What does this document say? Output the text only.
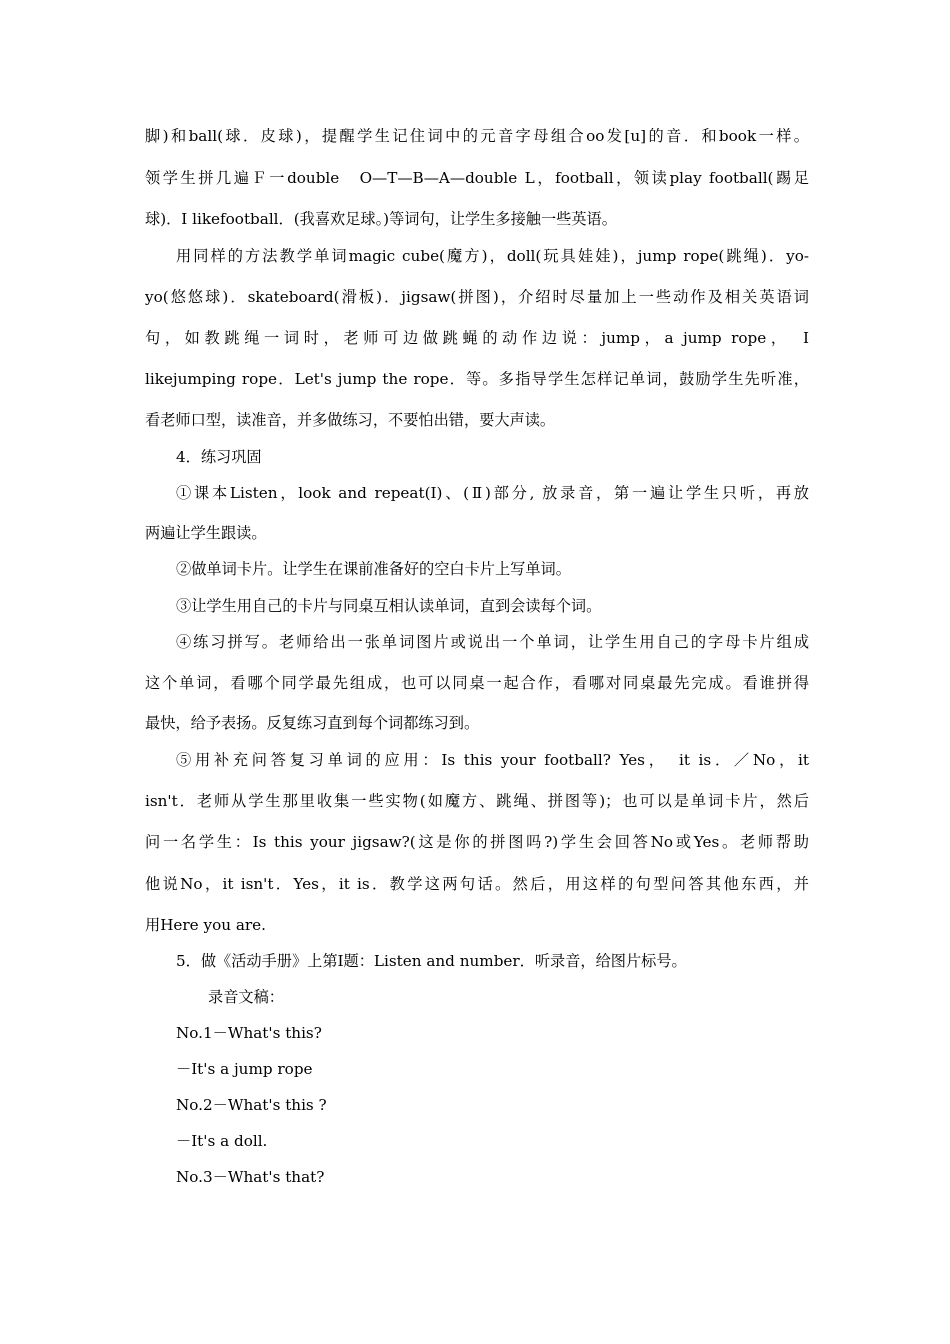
脚)和ball(球．皮球)，提醒学生记住词中的元音字母组合oo发[u]的音．和book一样。
领学生拼几遍Ｆ一double　O—T—B—A—double L，football，领读play football(踢足
球)．I likefootball．(我喜欢足球。)等词句，让学生多接触一些英语。
用同样的方法教学单词magic cube(魔方)，doll(玩具娃娃)，jump rope(跳绳)．yo-
yo(悠悠球)．skateboard(滑板)．jigsaw(拼图)，介绍时尽量加上一些动作及相关英语词
句，如教跳绳一词时，老师可边做跳蝇的动作边说：jump，a jump rope，　I
likejumping rope．Let's jump the rope．等。多指导学生怎样记单词，鼓励学生先听准，
看老师口型，读准音，并多做练习，不要怕出错，要大声读。
4．练习巩固
①课本Listen，look and repeat(I)、(Ⅱ)部分, 放录音，第一遍让学生只听，再放
两遍让学生跟读。
②做单词卡片。让学生在课前准备好的空白卡片上写单词。
③让学生用自己的卡片与同桌互相认读单词，直到会读每个词。
④练习拼写。老师给出一张单词图片或说出一个单词，让学生用自己的字母卡片组成
这个单词，看哪个同学最先组成，也可以同桌一起合作，看哪对同桌最先完成。看谁拼得
最快，给予表扬。反复练习直到每个词都练习到。
⑤用补充问答复习单词的应用：Is this your football? Yes，　it is．／No，it
isn't．老师从学生那里收集一些实物(如魔方、跳绳、拼图等)；也可以是单词卡片，然后
问一名学生：Is this your jigsaw?(这是你的拼图吗?)学生会回答No或Yes。老师帮助
他说No，it isn't．Yes，it is．教学这两句话。然后，用这样的句型问答其他东西，并
用Here you are.
5．做《活动手册》上第Ⅰ题：Listen and number．听录音，给图片标号。
录音文稿：
No.1－What's this?
－It's a jump rope
No.2－What's this ?
－It's a doll.
No.3－What's that?
